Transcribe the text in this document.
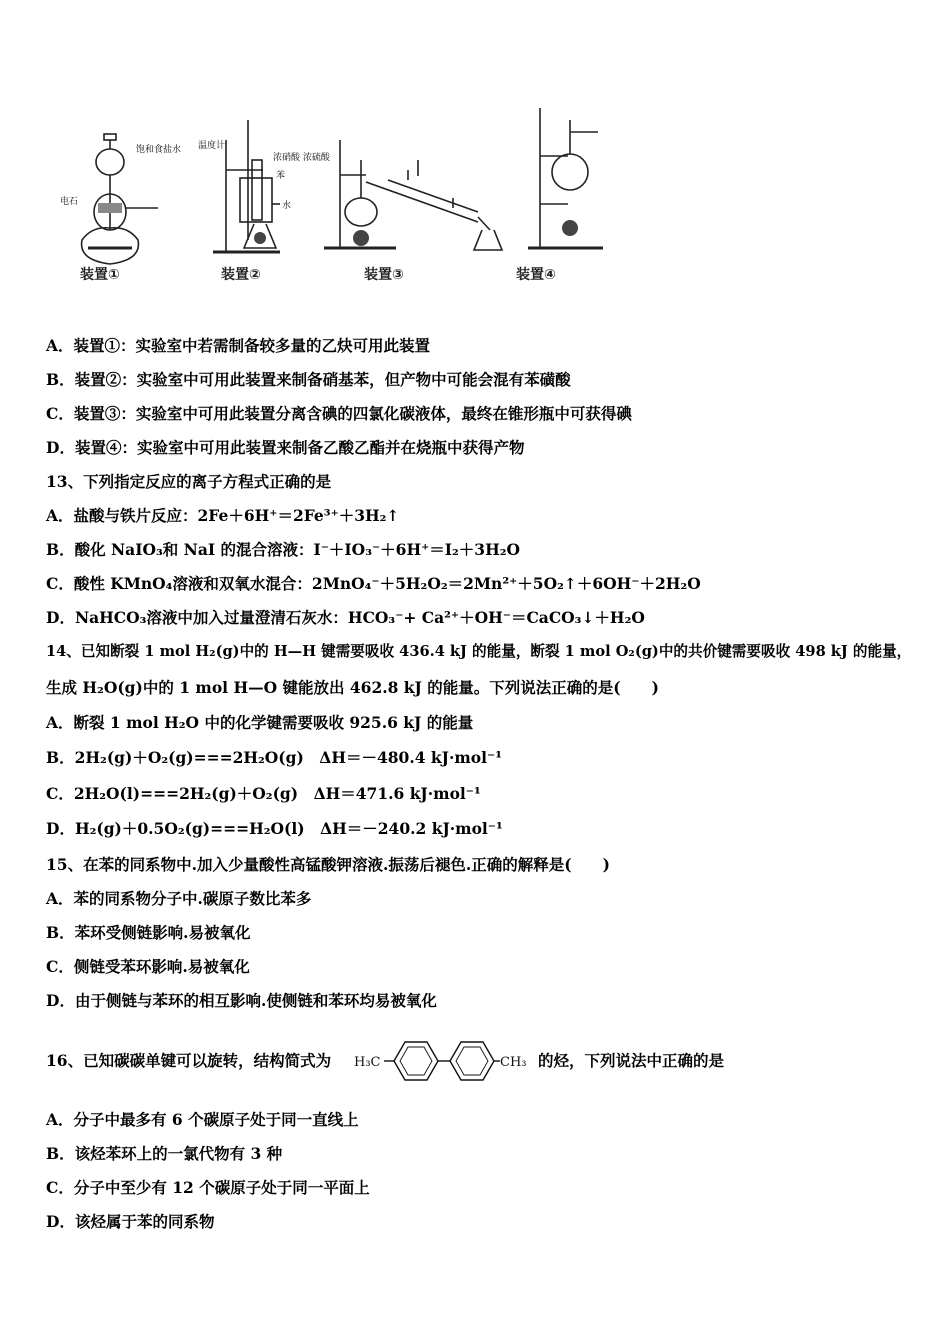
饱和食盐水
电石
温度计
浓硝酸 浓硫酸
苯
水
装置①	装置②	装置③	装置④
A．装置①：实验室中若需制备较多量的乙炔可用此装置
B．装置②：实验室中可用此装置来制备硝基苯，但产物中可能会混有苯磺酸
C．装置③：实验室中可用此装置分离含碘的四氯化碳液体，最终在锥形瓶中可获得碘
D．装置④：实验室中可用此装置来制备乙酸乙酯并在烧瓶中获得产物
13、下列指定反应的离子方程式正确的是
A．盐酸与铁片反应：2Fe＋6H⁺＝2Fe³⁺＋3H₂↑
B．酸化 NaIO₃和 NaI 的混合溶液：I⁻＋IO₃⁻＋6H⁺＝I₂＋3H₂O
C．酸性 KMnO₄溶液和双氧水混合：2MnO₄⁻＋5H₂O₂＝2Mn²⁺＋5O₂↑＋6OH⁻＋2H₂O
D．NaHCO₃溶液中加入过量澄清石灰水：HCO₃⁻+ Ca²⁺＋OH⁻＝CaCO₃↓＋H₂O
14、已知断裂 1 mol H₂(g)中的 H—H 键需要吸收 436.4 kJ 的能量，断裂 1 mol O₂(g)中的共价键需要吸收 498 kJ 的能量，
生成 H₂O(g)中的 1 mol H—O 键能放出 462.8 kJ 的能量。下列说法正确的是(　　)
A．断裂 1 mol H₂O 中的化学键需要吸收 925.6 kJ 的能量
B．2H₂(g)＋O₂(g)===2H₂O(g)　ΔH＝－480.4 kJ·mol⁻¹
C．2H₂O(l)===2H₂(g)＋O₂(g)　ΔH＝471.6 kJ·mol⁻¹
D．H₂(g)＋0.5O₂(g)===H₂O(l)　ΔH＝－240.2 kJ·mol⁻¹
15、在苯的同系物中.加入少量酸性高锰酸钾溶液.振荡后褪色.正确的解释是(　　)
A．苯的同系物分子中.碳原子数比苯多
B．苯环受侧链影响.易被氧化
C．侧链受苯环影响.易被氧化
D．由于侧链与苯环的相互影响.使侧链和苯环均易被氧化
16、已知碳碳单键可以旋转，结构简式为 H₃C	CH₃ 的烃，下列说法中正确的是
A．分子中最多有 6 个碳原子处于同一直线上
B．该烃苯环上的一氯代物有 3 种
C．分子中至少有 12 个碳原子处于同一平面上
D．该烃属于苯的同系物
